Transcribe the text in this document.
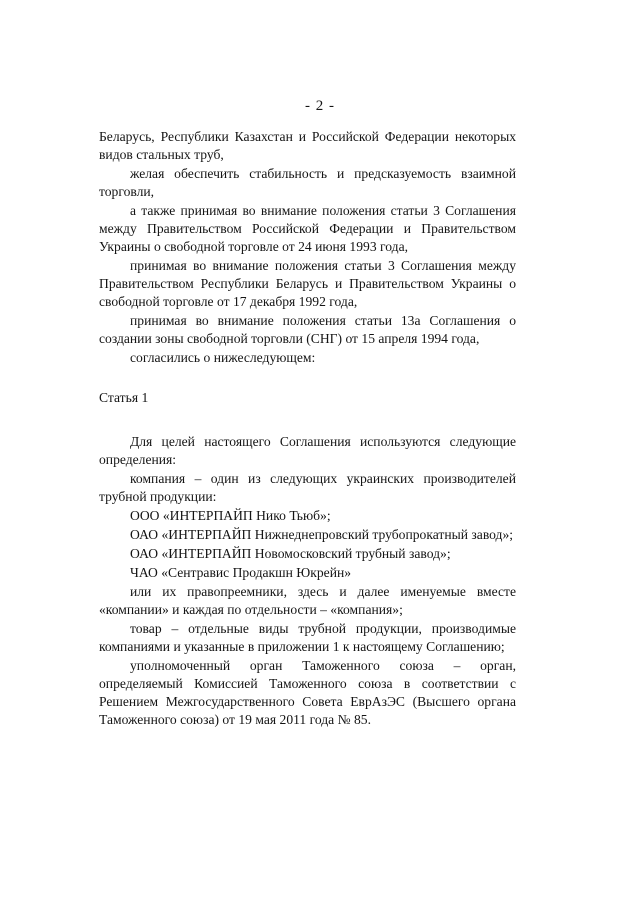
- 2 -

Беларусь, Республики Казахстан и Российской Федерации некоторых видов стальных труб,

желая обеспечить стабильность и предсказуемость взаимной торговли,

а также принимая во внимание положения статьи 3 Соглашения между Правительством Российской Федерации и Правительством Украины о свободной торговле от 24 июня 1993 года,

принимая во внимание положения статьи 3 Соглашения между Правительством Республики Беларусь и Правительством Украины о свободной торговле от 17 декабря 1992 года,

принимая во внимание положения статьи 13а Соглашения о создании зоны свободной торговли (СНГ) от 15 апреля 1994 года,

согласились о нижеследующем:

Статья 1

Для целей настоящего Соглашения используются следующие определения:

компания – один из следующих украинских производителей трубной продукции:

ООО «ИНТЕРПАЙП Нико Тьюб»;

ОАО «ИНТЕРПАЙП Нижнеднепровский трубопрокатный завод»;

ОАО «ИНТЕРПАЙП Новомосковский трубный завод»;

ЧАО «Сентравис Продакшн Юкрейн»

или их правопреемники, здесь и далее именуемые вместе «компании» и каждая по отдельности – «компания»;

товар – отдельные виды трубной продукции, производимые компаниями и указанные в приложении 1 к настоящему Соглашению;

уполномоченный орган Таможенного союза – орган, определяемый Комиссией Таможенного союза в соответствии с Решением Межгосударственного Совета ЕврАзЭС (Высшего органа Таможенного союза) от 19 мая 2011 года № 85.
